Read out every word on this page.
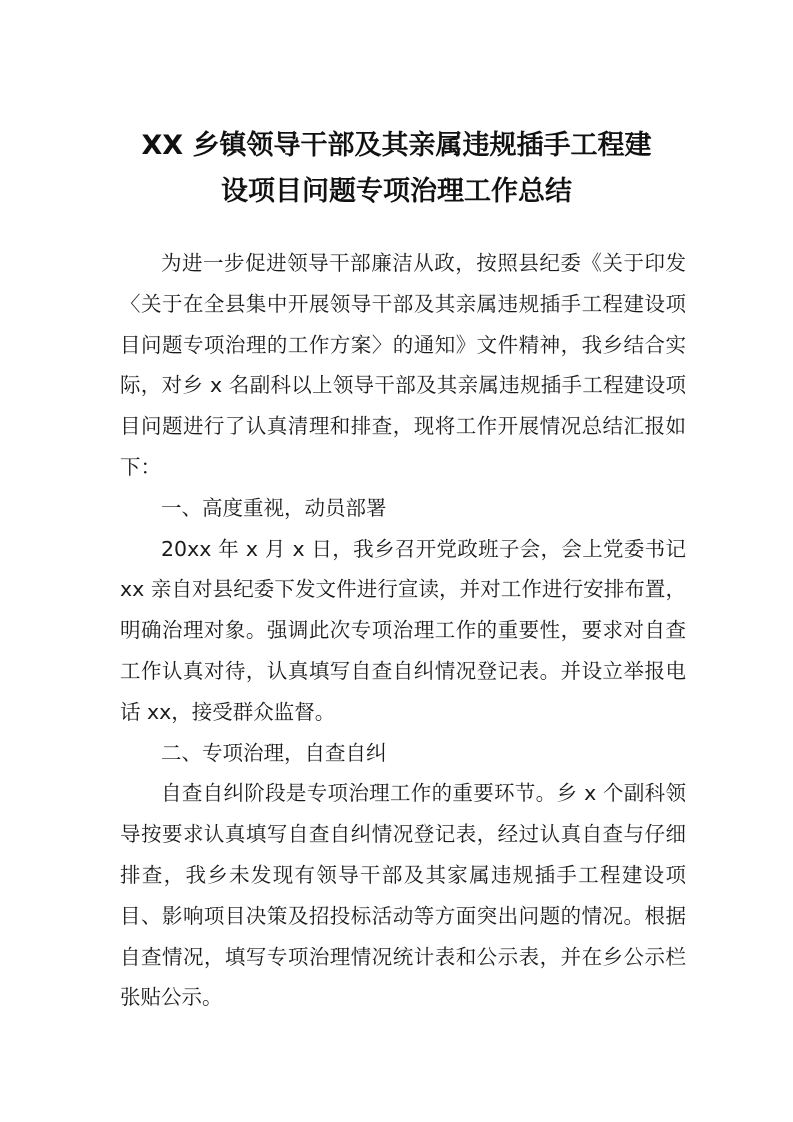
XX 乡镇领导干部及其亲属违规插手工程建
设项目问题专项治理工作总结

为进一步促进领导干部廉洁从政，按照县纪委《关于印发〈关于在全县集中开展领导干部及其亲属违规插手工程建设项目问题专项治理的工作方案〉的通知》文件精神，我乡结合实际，对乡 x 名副科以上领导干部及其亲属违规插手工程建设项目问题进行了认真清理和排查，现将工作开展情况总结汇报如下：

一、高度重视，动员部署

20xx 年 x 月 x 日，我乡召开党政班子会，会上党委书记 xx 亲自对县纪委下发文件进行宣读，并对工作进行安排布置，明确治理对象。强调此次专项治理工作的重要性，要求对自查工作认真对待，认真填写自查自纠情况登记表。并设立举报电话 xx，接受群众监督。

二、专项治理，自查自纠

自查自纠阶段是专项治理工作的重要环节。乡 x 个副科领导按要求认真填写自查自纠情况登记表，经过认真自查与仔细排查，我乡未发现有领导干部及其家属违规插手工程建设项目、影响项目决策及招投标活动等方面突出问题的情况。根据自查情况，填写专项治理情况统计表和公示表，并在乡公示栏张贴公示。
